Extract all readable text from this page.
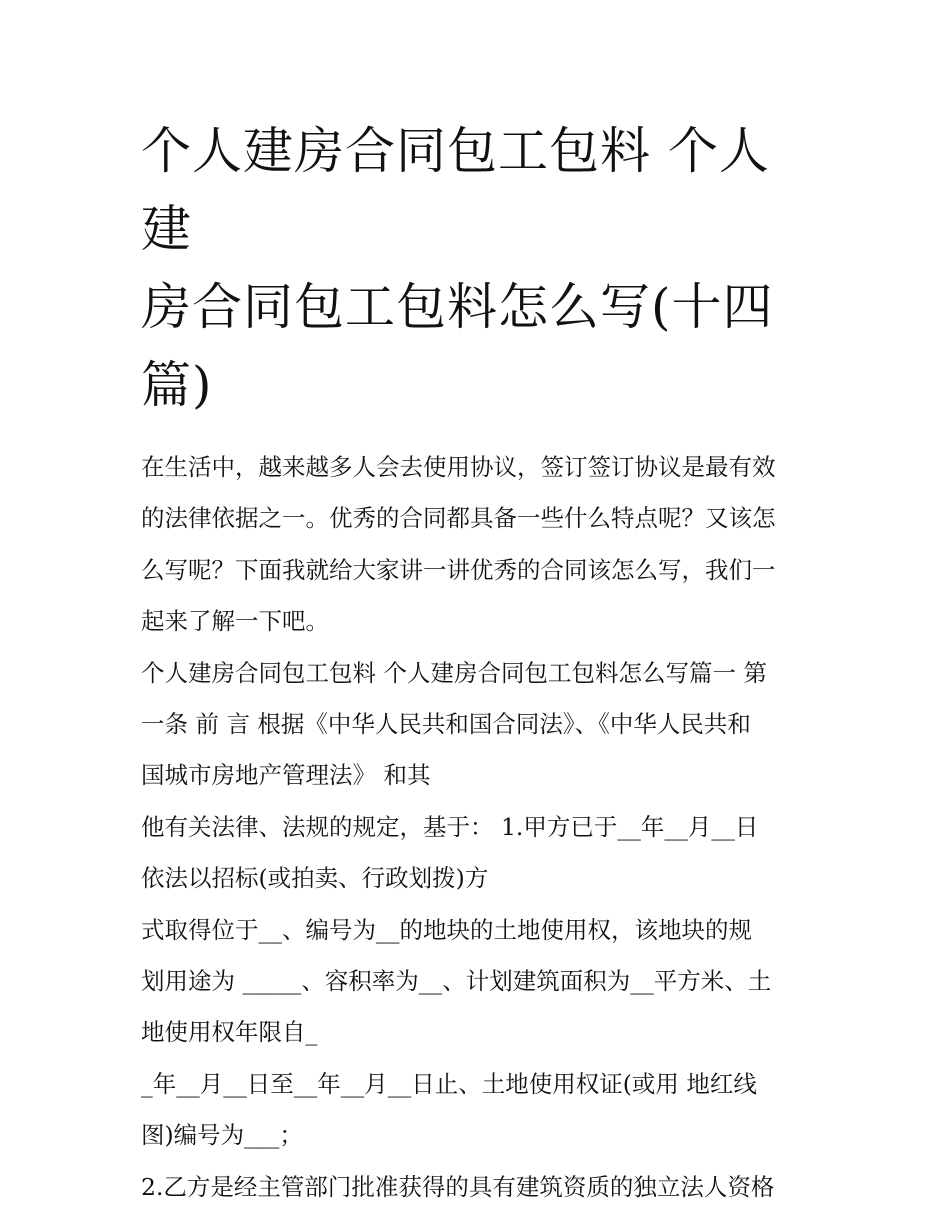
个人建房合同包工包料 个人建
房合同包工包料怎么写(十四
篇)
在生活中，越来越多人会去使用协议，签订签订协议是最有效
的法律依据之一。优秀的合同都具备一些什么特点呢？又该怎
么写呢？下面我就给大家讲一讲优秀的合同该怎么写，我们一
起来了解一下吧。
个人建房合同包工包料 个人建房合同包工包料怎么写篇一 第
一条 前 言 根据《中华人民共和国合同法》、《中华人民共和
国城市房地产管理法》 和其
他有关法律、法规的规定，基于： 1.甲方已于__年__月__日
依法以招标(或拍卖、行政划拨)方
式取得位于__、编号为__的地块的土地使用权，该地块的规
划用途为 _____、容积率为__、计划建筑面积为__平方米、土
地使用权年限自_
_年__月__日至__年__月__日止、土地使用权证(或用 地红线
图)编号为___；
2.乙方是经主管部门批准获得的具有建筑资质的独立法人资格
